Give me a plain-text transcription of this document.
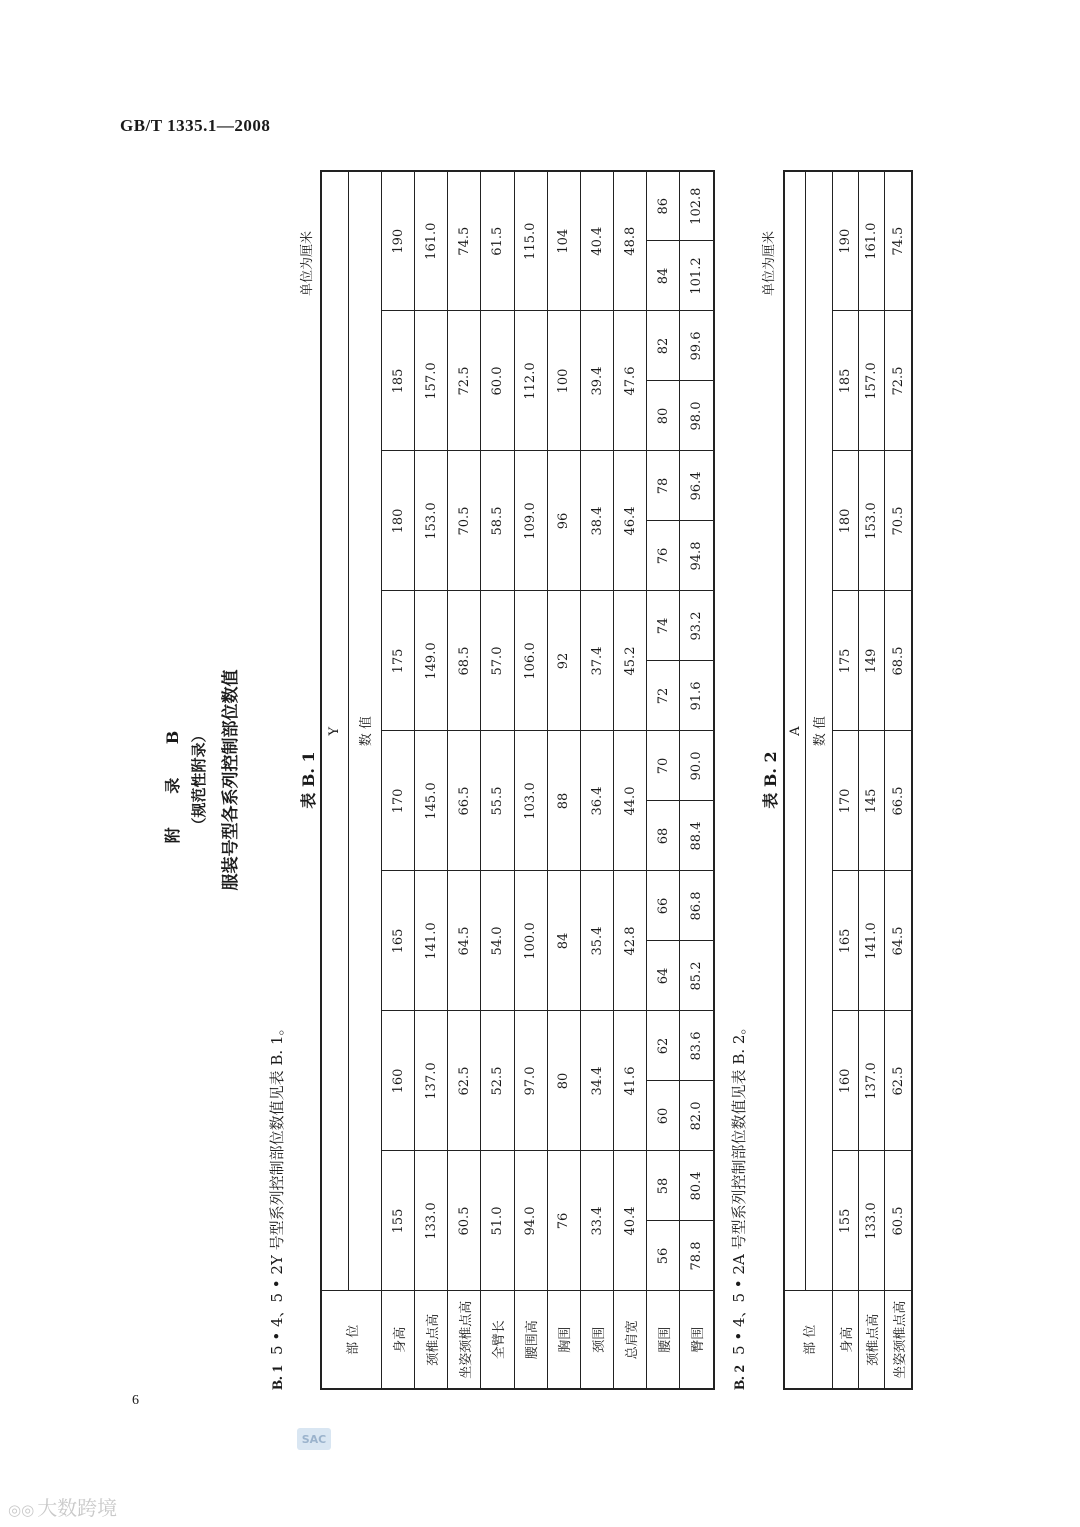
GB/T 1335.1—2008
附 录 B （规范性附录） 服装号型各系列控制部位数值
B. 15 • 4、5 • 2Y 号型系列控制部位数值见表 B. 1。
表 B. 1
单位为厘米
部 位	Y															
	数 值															
身高	155		160		165		170		175		180		185		190	
颈椎点高	133.0		137.0		141.0		145.0		149.0		153.0		157.0		161.0	
坐姿颈椎点高	60.5		62.5		64.5		66.5		68.5		70.5		72.5		74.5	
全臂长	51.0		52.5		54.0		55.5		57.0		58.5		60.0		61.5	
腰围高	94.0		97.0		100.0		103.0		106.0		109.0		112.0		115.0	
胸围	76		80		84		88		92		96		100		104	
颈围	33.4		34.4		35.4		36.4		37.4		38.4		39.4		40.4	
总肩宽	40.4		41.6		42.8		44.0		45.2		46.4		47.6		48.8	
腰围	56	58	60	62	64	66	68	70	72	74	76	78	80	82	84	86
臀围	78.8	80.4	82.0	83.6	85.2	86.8	88.4	90.0	91.6	93.2	94.8	96.4	98.0	99.6	101.2	102.8
B. 25 • 4、5 • 2A 号型系列控制部位数值见表 B. 2。
表 B. 2
单位为厘米
部 位	A							
	数 值							
身高	155	160	165	170	175	180	185	190
颈椎点高	133.0	137.0	141.0	145	149	153.0	157.0	161.0
坐姿颈椎点高	60.5	62.5	64.5	66.5	68.5	70.5	72.5	74.5
6
SAC
◎◎ 大数跨境
